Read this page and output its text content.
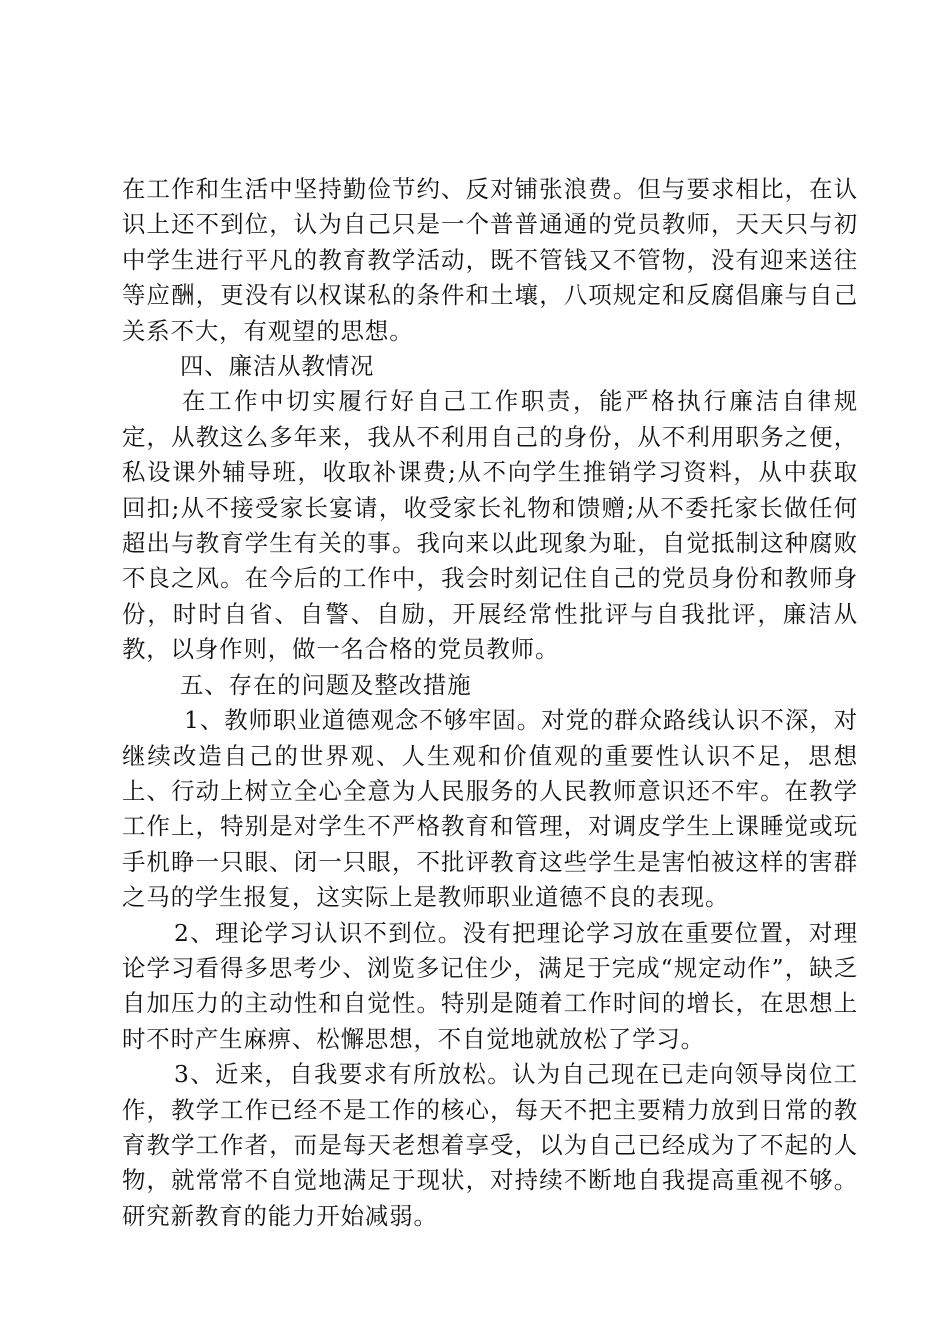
在工作和生活中坚持勤俭节约、反对铺张浪费。但与要求相比，在认识上还不到位，认为自己只是一个普普通通的党员教师，天天只与初中学生进行平凡的教育教学活动，既不管钱又不管物，没有迎来送往等应酬，更没有以权谋私的条件和土壤，八项规定和反腐倡廉与自己关系不大，有观望的思想。

四、廉洁从教情况

在工作中切实履行好自己工作职责，能严格执行廉洁自律规定，从教这么多年来，我从不利用自己的身份，从不利用职务之便，私设课外辅导班，收取补课费;从不向学生推销学习资料，从中获取回扣;从不接受家长宴请，收受家长礼物和馈赠;从不委托家长做任何超出与教育学生有关的事。我向来以此现象为耻，自觉抵制这种腐败不良之风。在今后的工作中，我会时刻记住自己的党员身份和教师身份，时时自省、自警、自励，开展经常性批评与自我批评，廉洁从教，以身作则，做一名合格的党员教师。

五、存在的问题及整改措施

1、教师职业道德观念不够牢固。对党的群众路线认识不深，对继续改造自己的世界观、人生观和价值观的重要性认识不足，思想上、行动上树立全心全意为人民服务的人民教师意识还不牢。在教学工作上，特别是对学生不严格教育和管理，对调皮学生上课睡觉或玩手机睁一只眼、闭一只眼，不批评教育这些学生是害怕被这样的害群之马的学生报复，这实际上是教师职业道德不良的表现。

2、理论学习认识不到位。没有把理论学习放在重要位置，对理论学习看得多思考少、浏览多记住少，满足于完成“规定动作”，缺乏自加压力的主动性和自觉性。特别是随着工作时间的增长，在思想上时不时产生麻痹、松懈思想，不自觉地就放松了学习。

3、近来，自我要求有所放松。认为自己现在已走向领导岗位工作，教学工作已经不是工作的核心，每天不把主要精力放到日常的教育教学工作者，而是每天老想着享受，以为自己已经成为了不起的人物，就常常不自觉地满足于现状，对持续不断地自我提高重视不够。研究新教育的能力开始减弱。
